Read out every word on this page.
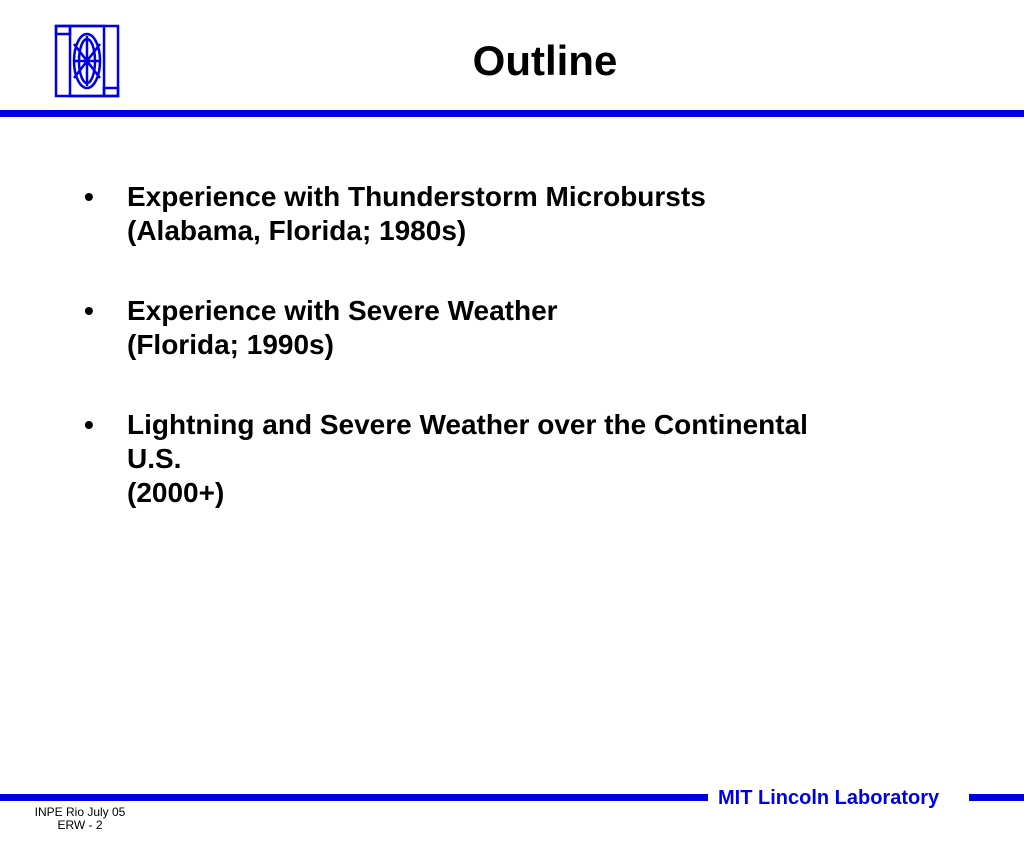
Outline
• Experience with Thunderstorm Microbursts
(Alabama, Florida; 1980s)
• Experience with Severe Weather
(Florida; 1990s)
• Lightning and Severe Weather over the Continental
U.S.
(2000+)
MIT Lincoln Laboratory
INPE Rio July 05
ERW - 2
